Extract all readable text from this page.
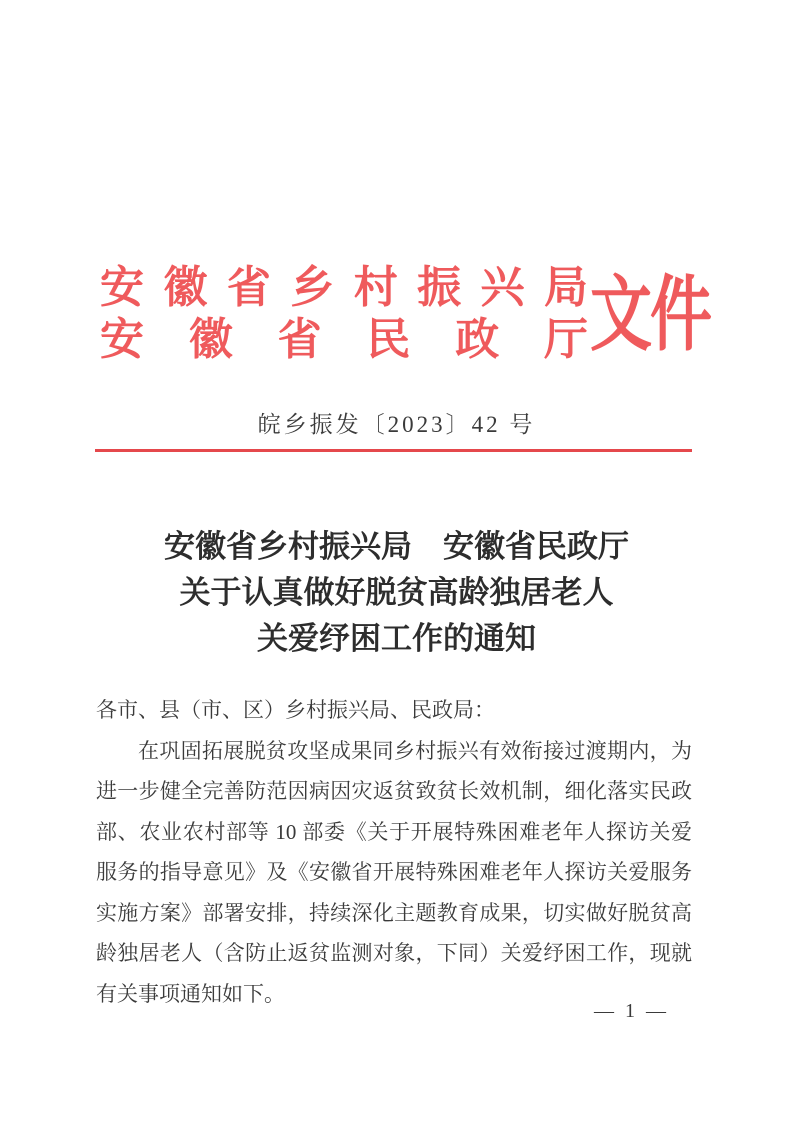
安 徽 省 乡 村 振 兴 局
安 徽 省 民 政 厅 文件
皖乡振发〔2023〕42 号
安徽省乡村振兴局　安徽省民政厅
关于认真做好脱贫高龄独居老人
关爱纾困工作的通知
各市、县（市、区）乡村振兴局、民政局：
在巩固拓展脱贫攻坚成果同乡村振兴有效衔接过渡期内，为
进一步健全完善防范因病因灾返贫致贫长效机制，细化落实民政
部、农业农村部等 10 部委《关于开展特殊困难老年人探访关爱
服务的指导意见》及《安徽省开展特殊困难老年人探访关爱服务
实施方案》部署安排，持续深化主题教育成果，切实做好脱贫高
龄独居老人（含防止返贫监测对象，下同）关爱纾困工作，现就
有关事项通知如下。
— 1 —
